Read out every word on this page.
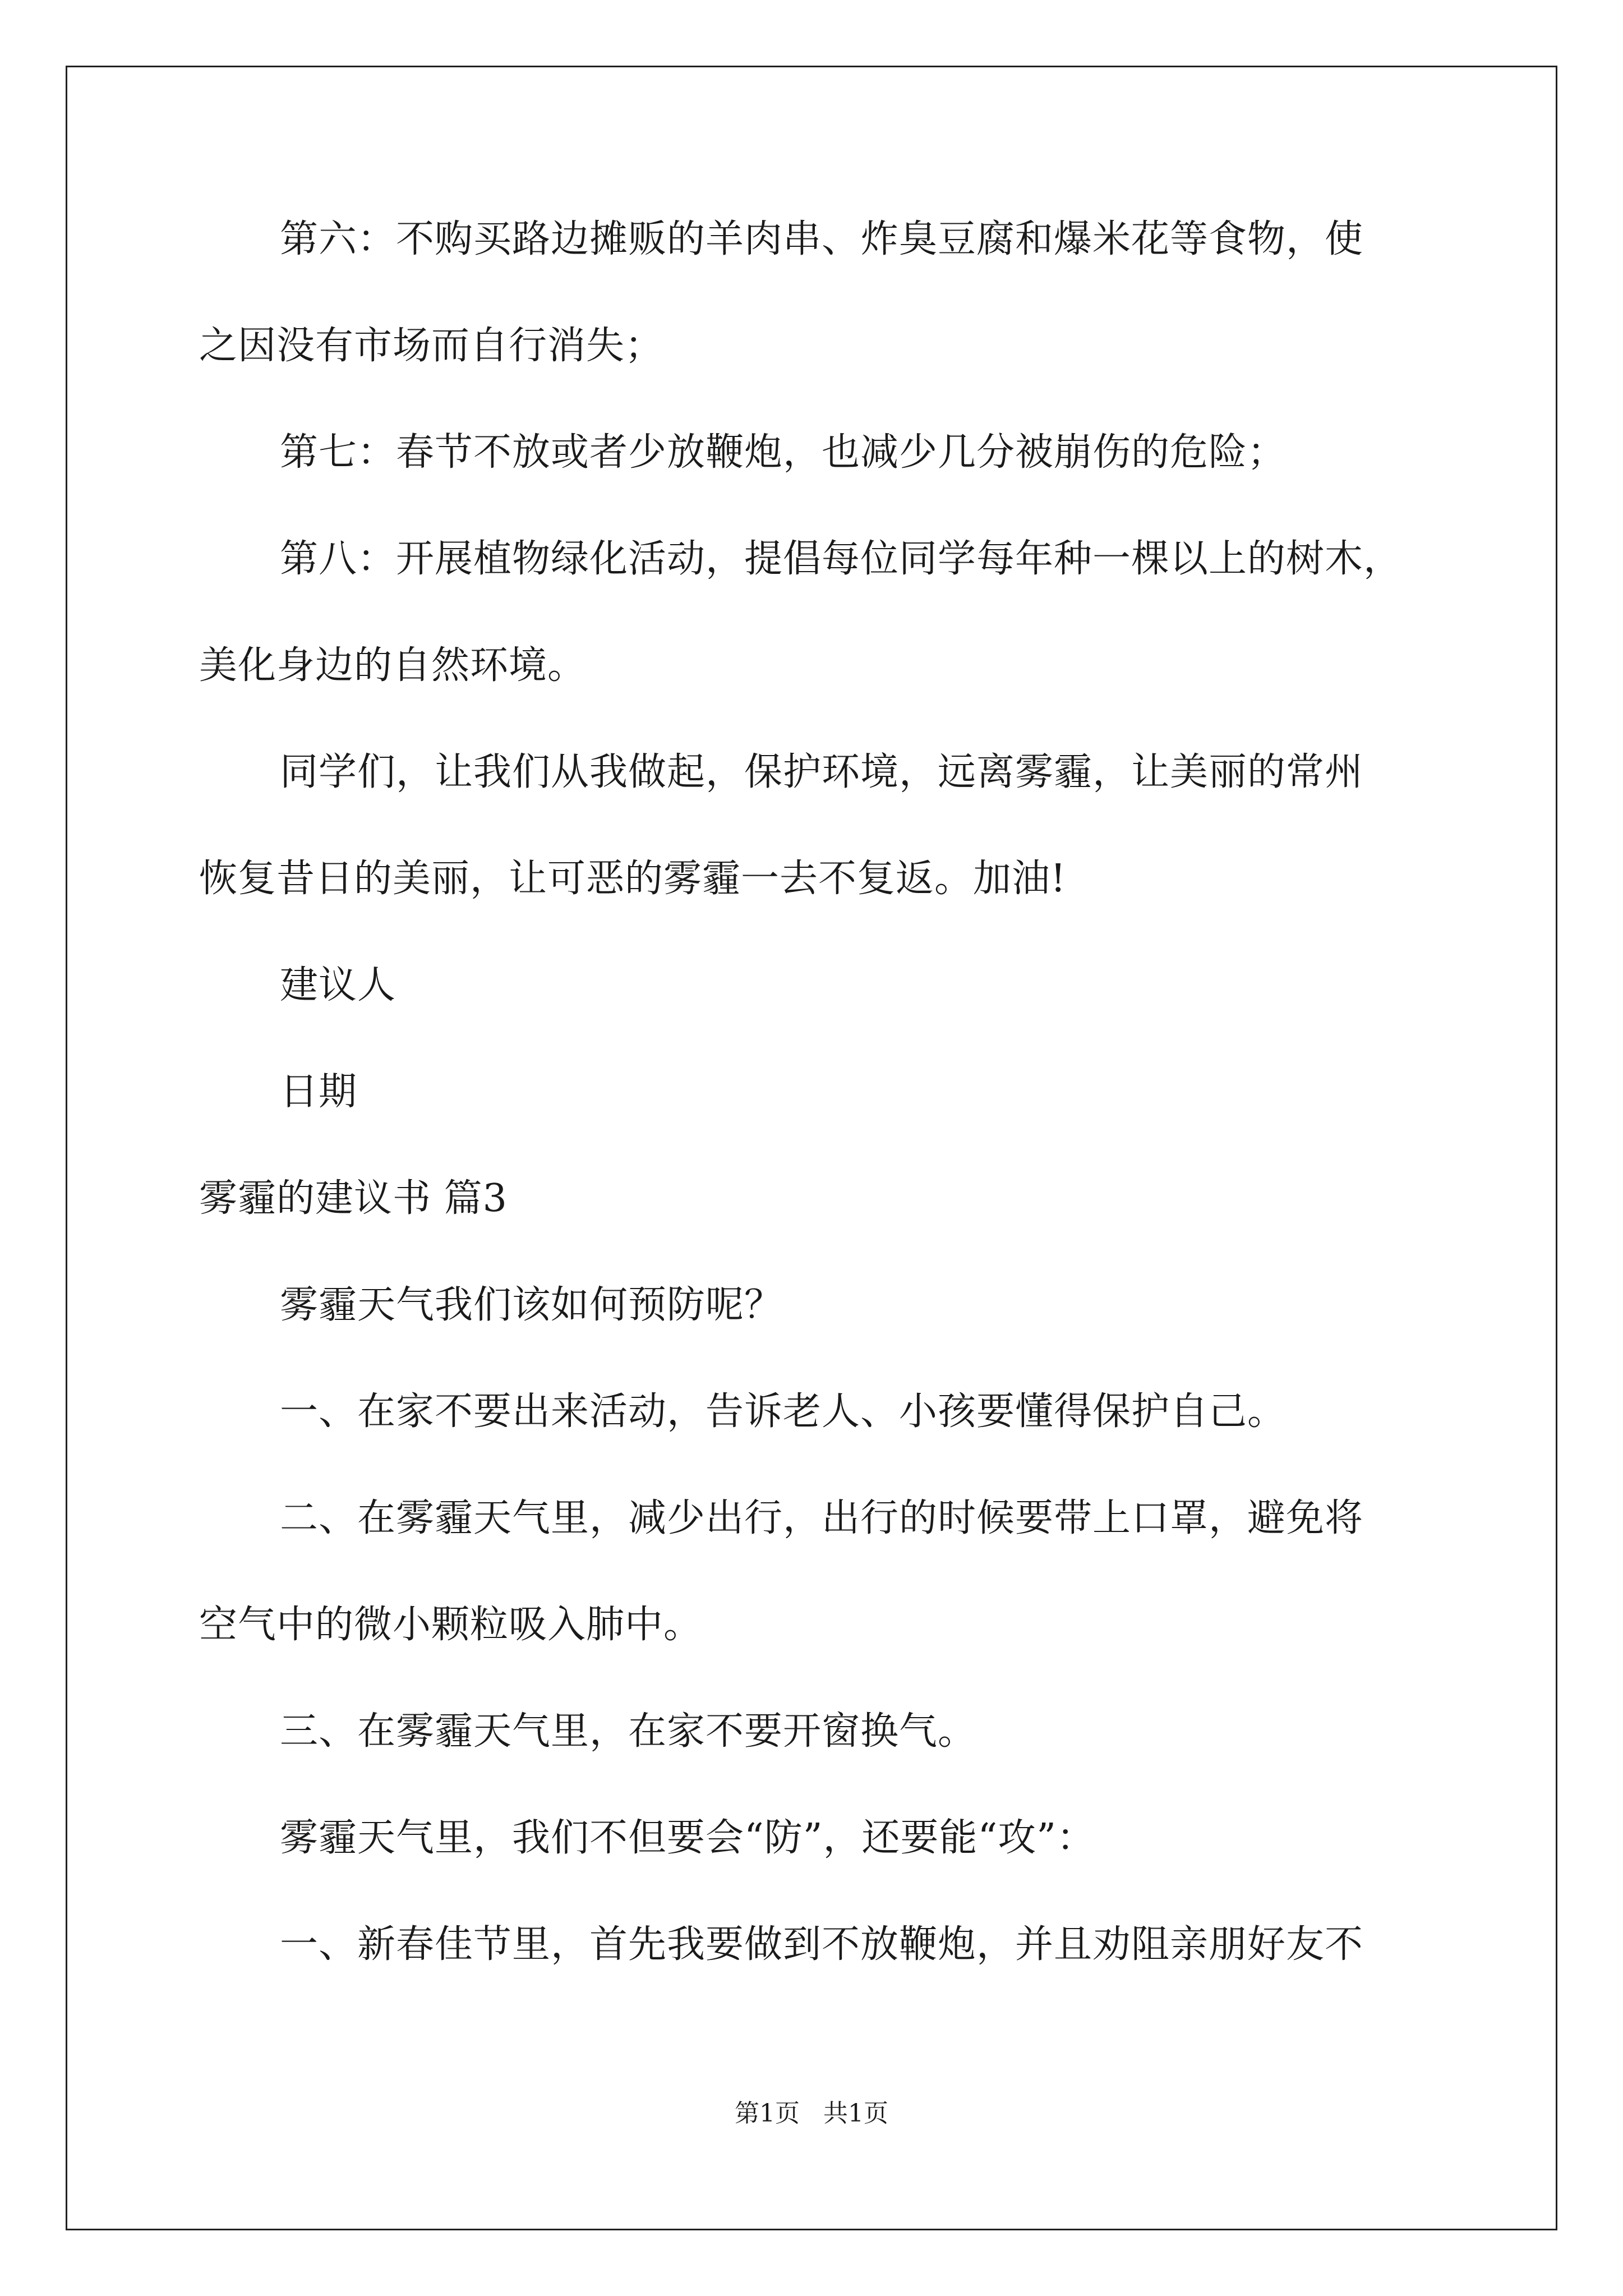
第六：不购买路边摊贩的羊肉串、炸臭豆腐和爆米花等食物，使
之因没有市场而自行消失；
第七：春节不放或者少放鞭炮，也减少几分被崩伤的危险；
第八：开展植物绿化活动，提倡每位同学每年种一棵以上的树木，
美化身边的自然环境。
同学们，让我们从我做起，保护环境，远离雾霾，让美丽的常州
恢复昔日的美丽，让可恶的雾霾一去不复返。加油!
建议人
日期
雾霾的建议书 篇3
雾霾天气我们该如何预防呢？
一、在家不要出来活动，告诉老人、小孩要懂得保护自己。
二、在雾霾天气里，减少出行，出行的时候要带上口罩，避免将
空气中的微小颗粒吸入肺中。
三、在雾霾天气里，在家不要开窗换气。
雾霾天气里，我们不但要会“防”，还要能“攻”：
一、新春佳节里，首先我要做到不放鞭炮，并且劝阻亲朋好友不
第1页 共1页
